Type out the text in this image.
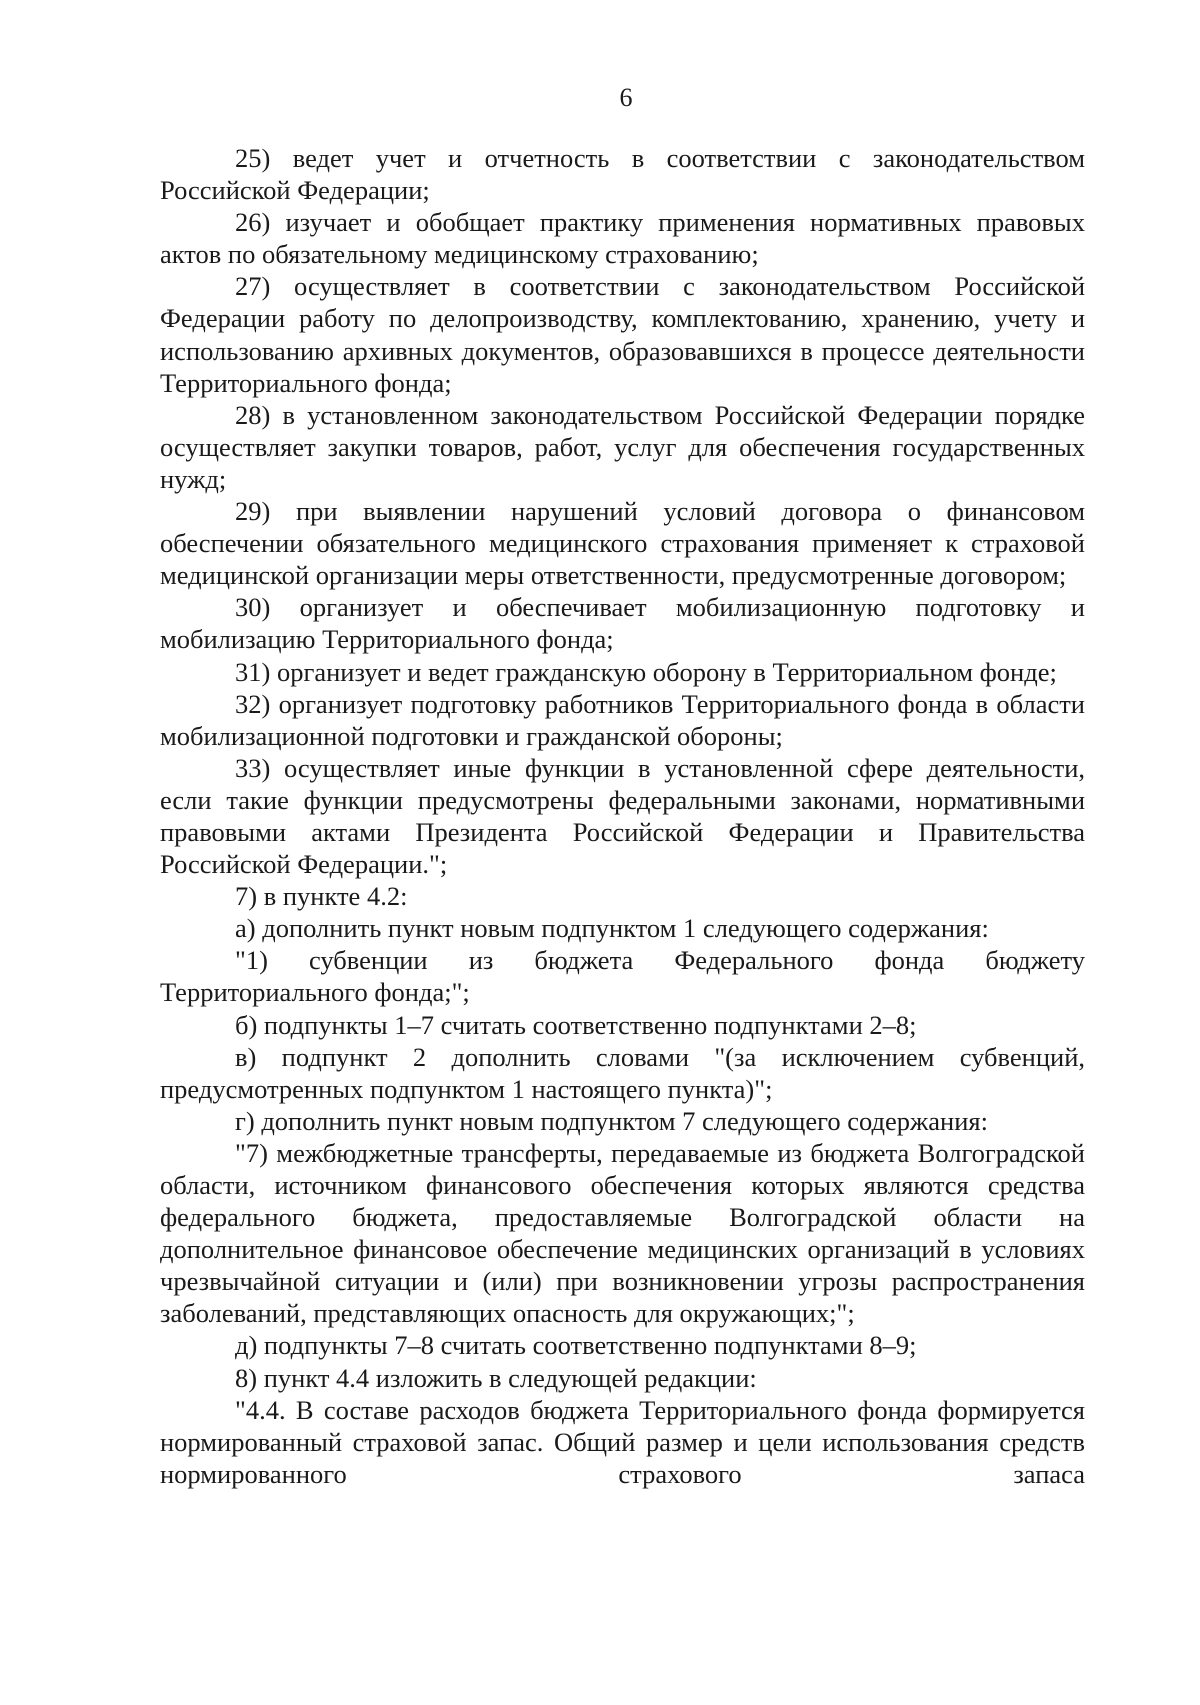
6

25) ведет учет и отчетность в соответствии с законодательством Российской Федерации;

26) изучает и обобщает практику применения нормативных правовых актов по обязательному медицинскому страхованию;

27) осуществляет в соответствии с законодательством Российской Федерации работу по делопроизводству, комплектованию, хранению, учету и использованию архивных документов, образовавшихся в процессе деятельности Территориального фонда;

28) в установленном законодательством Российской Федерации порядке осуществляет закупки товаров, работ, услуг для обеспечения государственных нужд;

29) при выявлении нарушений условий договора о финансовом обеспечении обязательного медицинского страхования применяет к страховой медицинской организации меры ответственности, предусмотренные договором;

30) организует и обеспечивает мобилизационную подготовку и мобилизацию Территориального фонда;

31) организует и ведет гражданскую оборону в Территориальном фонде;

32) организует подготовку работников Территориального фонда в области мобилизационной подготовки и гражданской обороны;

33) осуществляет иные функции в установленной сфере деятельности, если такие функции предусмотрены федеральными законами, нормативными правовыми актами Президента Российской Федерации и Правительства Российской Федерации.";

7) в пункте 4.2:

а) дополнить пункт новым подпунктом 1 следующего содержания:

"1) субвенции из бюджета Федерального фонда бюджету Территориального фонда;";

б) подпункты 1–7 считать соответственно подпунктами 2–8;

в) подпункт 2 дополнить словами "(за исключением субвенций, предусмотренных подпунктом 1 настоящего пункта)";

г) дополнить пункт новым подпунктом 7 следующего содержания:

"7) межбюджетные трансферты, передаваемые из бюджета Волгоградской области, источником финансового обеспечения которых являются средства федерального бюджета, предоставляемые Волгоградской области на дополнительное финансовое обеспечение медицинских организаций в условиях чрезвычайной ситуации и (или) при возникновении угрозы распространения заболеваний, представляющих опасность для окружающих;";

д) подпункты 7–8 считать соответственно подпунктами 8–9;

8) пункт 4.4 изложить в следующей редакции:

"4.4. В составе расходов бюджета Территориального фонда формируется нормированный страховой запас. Общий размер и цели использования средств нормированного страхового запаса
